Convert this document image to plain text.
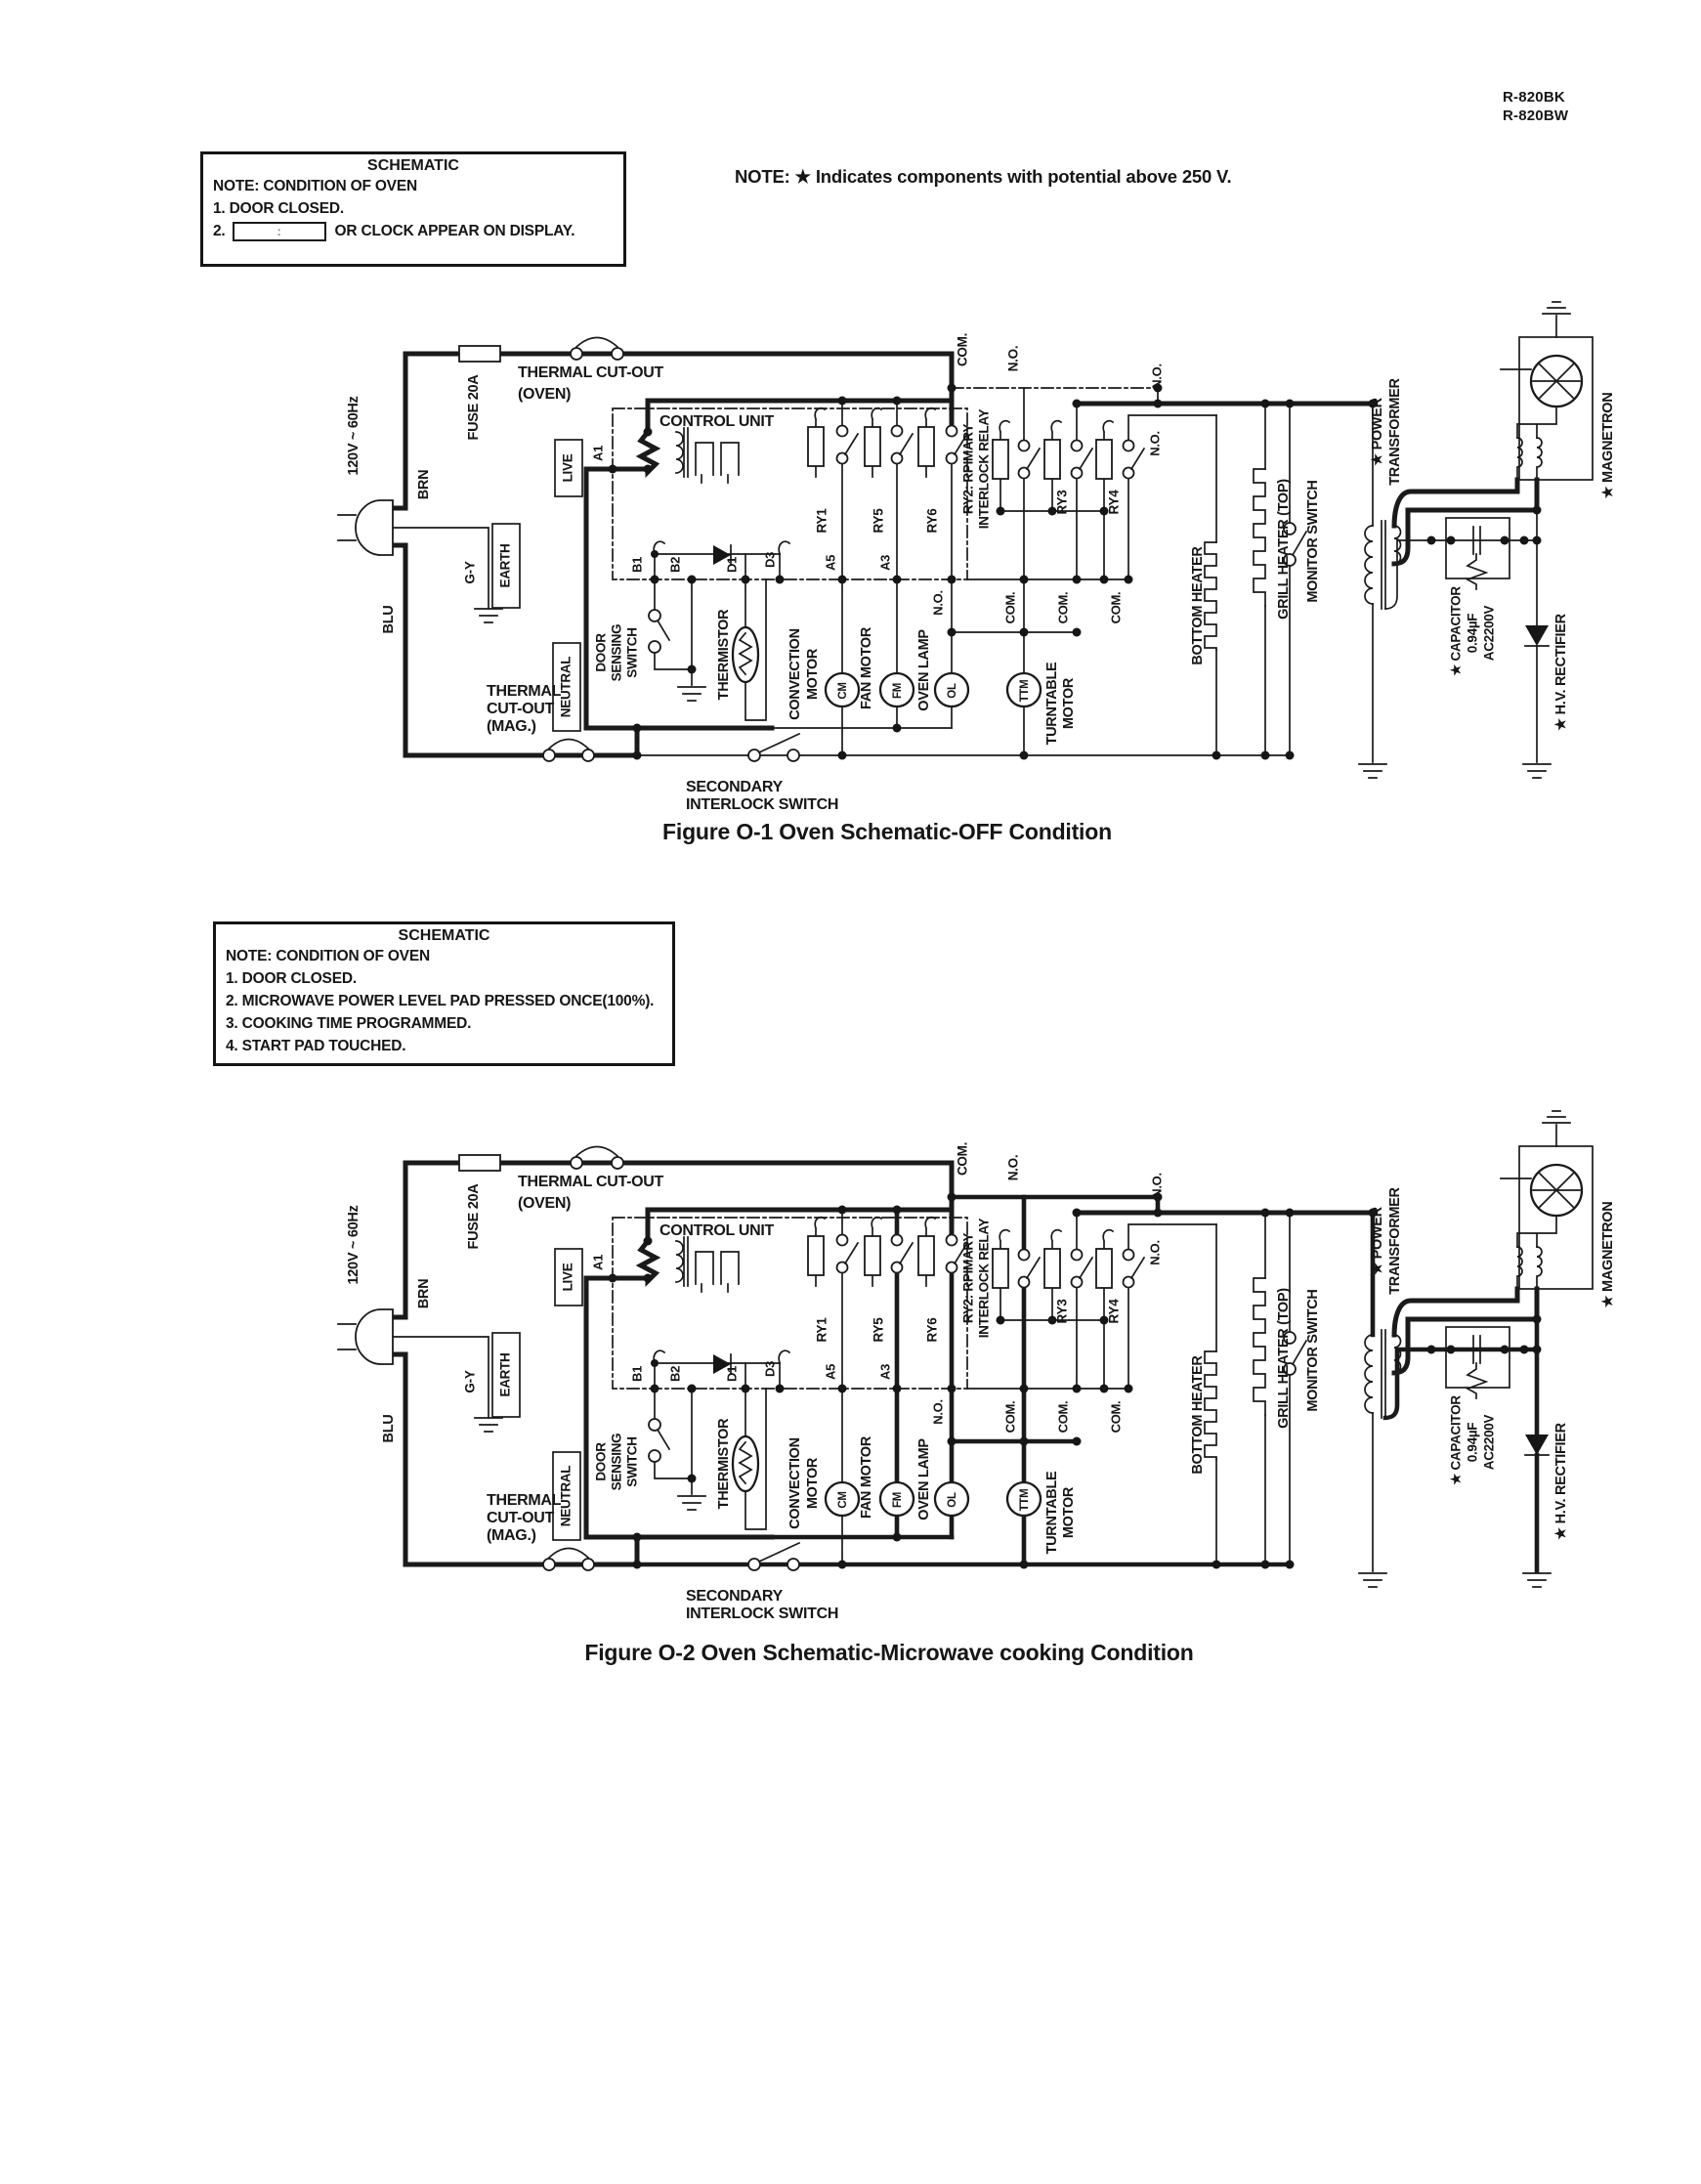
R-820BK
R-820BW
SCHEMATIC
NOTE: CONDITION OF OVEN
1. DOOR CLOSED.
2.	:	OR CLOCK APPEAR ON DISPLAY.
NOTE: ★ Indicates components with potential above 250 V.
120V ~ 60Hz
BRN
BLU
G-Y
LIVE
NEUTRAL
EARTH
FUSE 20A
THERMAL CUT-OUT
(OVEN)
CONTROL UNIT
THERMAL
CUT-OUT
(MAG.)
SECONDARY
INTERLOCK SWITCH
A1
B1 B2	D1 D3	A5	A3
DOOR SENSING SWITCH	THERMISTOR	CONVECTION MOTOR CM FAN MOTOR FM OVEN LAMP OL
N.O.
COM.	N.O.
RY1	RY5	RY6
RY2: RPIMARY INTERLOCK RELAY	RY3	RY4
COM.	COM.	COM.
N.O.
N.O.
TURNTABLE MOTOR
TTM
BOTTOM HEATER	GRILL HEATER (TOP) MONITOR SWITCH
★ POWER TRANSFORMER	★ MAGNETRON
★ CAPACITOR 0.94µF AC2200V	★ H.V. RECTIFIER
Figure O-1 Oven Schematic-OFF Condition
SCHEMATIC
NOTE: CONDITION OF OVEN
1. DOOR CLOSED.
2. MICROWAVE POWER LEVEL PAD PRESSED ONCE(100%).
3. COOKING TIME PROGRAMMED.
4. START PAD TOUCHED.
120V ~ 60Hz
BRN
BLU
G-Y
LIVE
NEUTRAL
EARTH
FUSE 20A
THERMAL CUT-OUT
(OVEN)
CONTROL UNIT
THERMAL
CUT-OUT
(MAG.)
SECONDARY
INTERLOCK SWITCH
A1
B1 B2	D1 D3	A5	A3
DOOR SENSING SWITCH	THERMISTOR	CONVECTION MOTOR CM FAN MOTOR FM OVEN LAMP OL
N.O.
COM.	N.O.
RY1	RY5	RY6
RY2: RPIMARY INTERLOCK RELAY	RY3	RY4
COM.	COM.	COM.
N.O.
N.O.
TURNTABLE MOTOR
TTM
BOTTOM HEATER	GRILL HEATER (TOP) MONITOR SWITCH
★ POWER TRANSFORMER	★ MAGNETRON
★ CAPACITOR 0.94µF AC2200V	★ H.V. RECTIFIER
Figure O-2 Oven Schematic-Microwave cooking Condition
